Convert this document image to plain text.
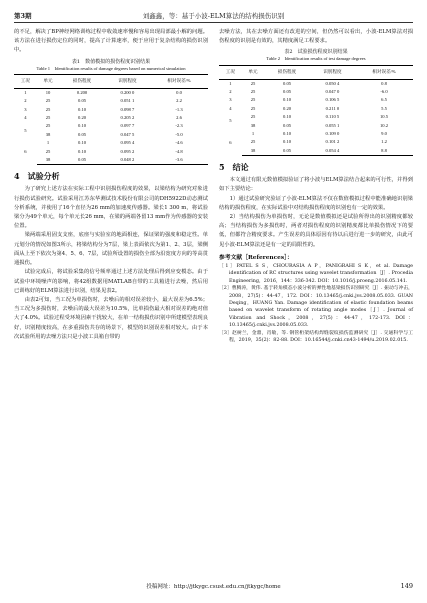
第3期	刘鑫鑫，等：基于小波-ELM算法的结构损伤识别

的不足，解决了BP神经网络训练过程中收敛速率慢和容易出现局部最小解的问题。该方法在进行损伤定位的同时，提高了计算速率，便于应用于复杂结构的损伤识别中。

表1　数值模拟的损伤程度识别结果
Table 1　Identification results of damage degrees based on numerical simulation
工况	单元	损伤程度	识别程度	相对误差/%
1	10	0.200	0.200 0	0.0
2	25	0.05	0.051 1	2.2
3	25	0.10	0.098 7	-1.3
4	25	0.20	0.205 2	2.6
5	25	0.10	0.097 7	-2.3
	38	0.05	0.047 5	-5.0
6	1	0.10	0.095 4	-4.6
	25	0.10	0.095 2	-4.8
	38	0.05	0.048 2	-3.6
4　试验分析

为了研究上述方法在实际工程中识别损伤程度的效果，以梁结构为研究对象进行损伤试验研究。试验采用江苏东华测试技术股份有限公司的DH5922D动态测试分析系统，并使用了16个直径为26 mm的加速度传感器。梁长1 300 m，将试验梁分为49个单元，每个单元长26 mm，在梁的两端各留13 mm作为传感器的安装位置。

梁两端采用固支支座，底座与实验室的地面相连，保证梁的强度和稳定性。单元划分的情况如图3所示，将梁结构分为7层，梁上表面依次为第1、2、3层，梁侧面从上至下依次为第4、5、6、7层，试验所设置的损伤全部为沿宽度方向的等高贯通损伤。

试验完成后，将试验采集的信号频率通过上述方法处理后得到应变模态。由于试验中环境噪声的影响，将42组数据用MATLAB自带的工具箱进行去噪，然后用已训练好的ELM算法进行识别，结果见表2。

由表2可知，当工况为单损伤时，去噪后的相对误差较小，最大误差为6.5%；当工况为多损伤时，去噪后的最大误差为10.5%，比单损伤最大相对误差的绝对值大了4.0%。试验过程受环境因素干扰较大，在单一结构损伤识别中所建模型表现良好，识别精度较高，在多重损伤共存的场景下，模型的识别误差相对较大。由于本次试验所用的去噪方法只是小波工具箱自带的

去噪方法，其在去噪方面还有改进的空间，但仍然可以看出，小波-ELM算法对损伤程度的识别是有效的，其精度满足工程要求。

表2　试验损伤程度识别结果
Table 2　Identification results of test damage degrees
工况	单元	损伤程度	识别程度	相对误差/%
1	25	0.05	0.050 4	0.8
2	25	0.05	0.047 0	-6.0
3	25	0.10	0.106 5	6.5
4	25	0.20	0.211 0	5.5
5	25	0.10	0.110 5	10.5
	38	0.05	0.055 1	10.2
6	1	0.10	0.109 0	9.0
	25	0.10	0.101 2	1.2
	38	0.05	0.054 4	8.8
5　结论

本文通过有限元数值模拟验证了将小波与ELM算法结合起来的可行性，并得到如下主要结论：

1）通过试验研究验证了小波-ELM算法不仅在数值模拟过程中能准确地识别梁结构的损伤程度，在实际试验中对结构损伤程度的识别也有一定的效果。

2）当结构损伤为单损伤时，无论是数值模拟还是试验所得出的识别精度都较高；当结构损伤为多损伤时，两者对损伤程度的识别精度都比单损伤情况下的要低，但都符合精度要求。产生误差的具体原因有待以后进行进一步的研究，由此可见小波-ELM算法还是有一定的局限性的。

参考文献［References］：
［1］PATEL S S，CHOURASIA A P，PANIGRAHI S K，et al. Damage identification of RC structures using wavelet transformation［J］. Procedia Engineering，2016，144：336-342. DOI：10.1016/j.proeng.2016.05.141.
［2］曹腾涛，黄伟. 基于转角模态小波分析的弹性地基梁损伤识别研究［J］. 振动与冲击，2008，27(5)：44-47，172. DOI：10.13465/j.cnki.jvs.2008.05.033. GUAN Deqing，HUANG Yan. Damage identification of elastic foundation beams based on wavelet transform of rotating angle modes［J］. Journal of Vibration and Shock，2008，27(5)：44-47，172-173. DOI：10.13465/j.cnki.jvs.2008.05.033.
［3］赵树兰，金鼎，肖敏，等. 钢管桁架结构焊缝裂纹损伤监测研究［J］. 交通科学与工程，2019，35(2)：82-88. DOI：10.16544/j.cnki.cn43-1494/u.2019.02.015.
投稿网址：http://jtkygc.csust.edu.cn/jtkygc/home	149
